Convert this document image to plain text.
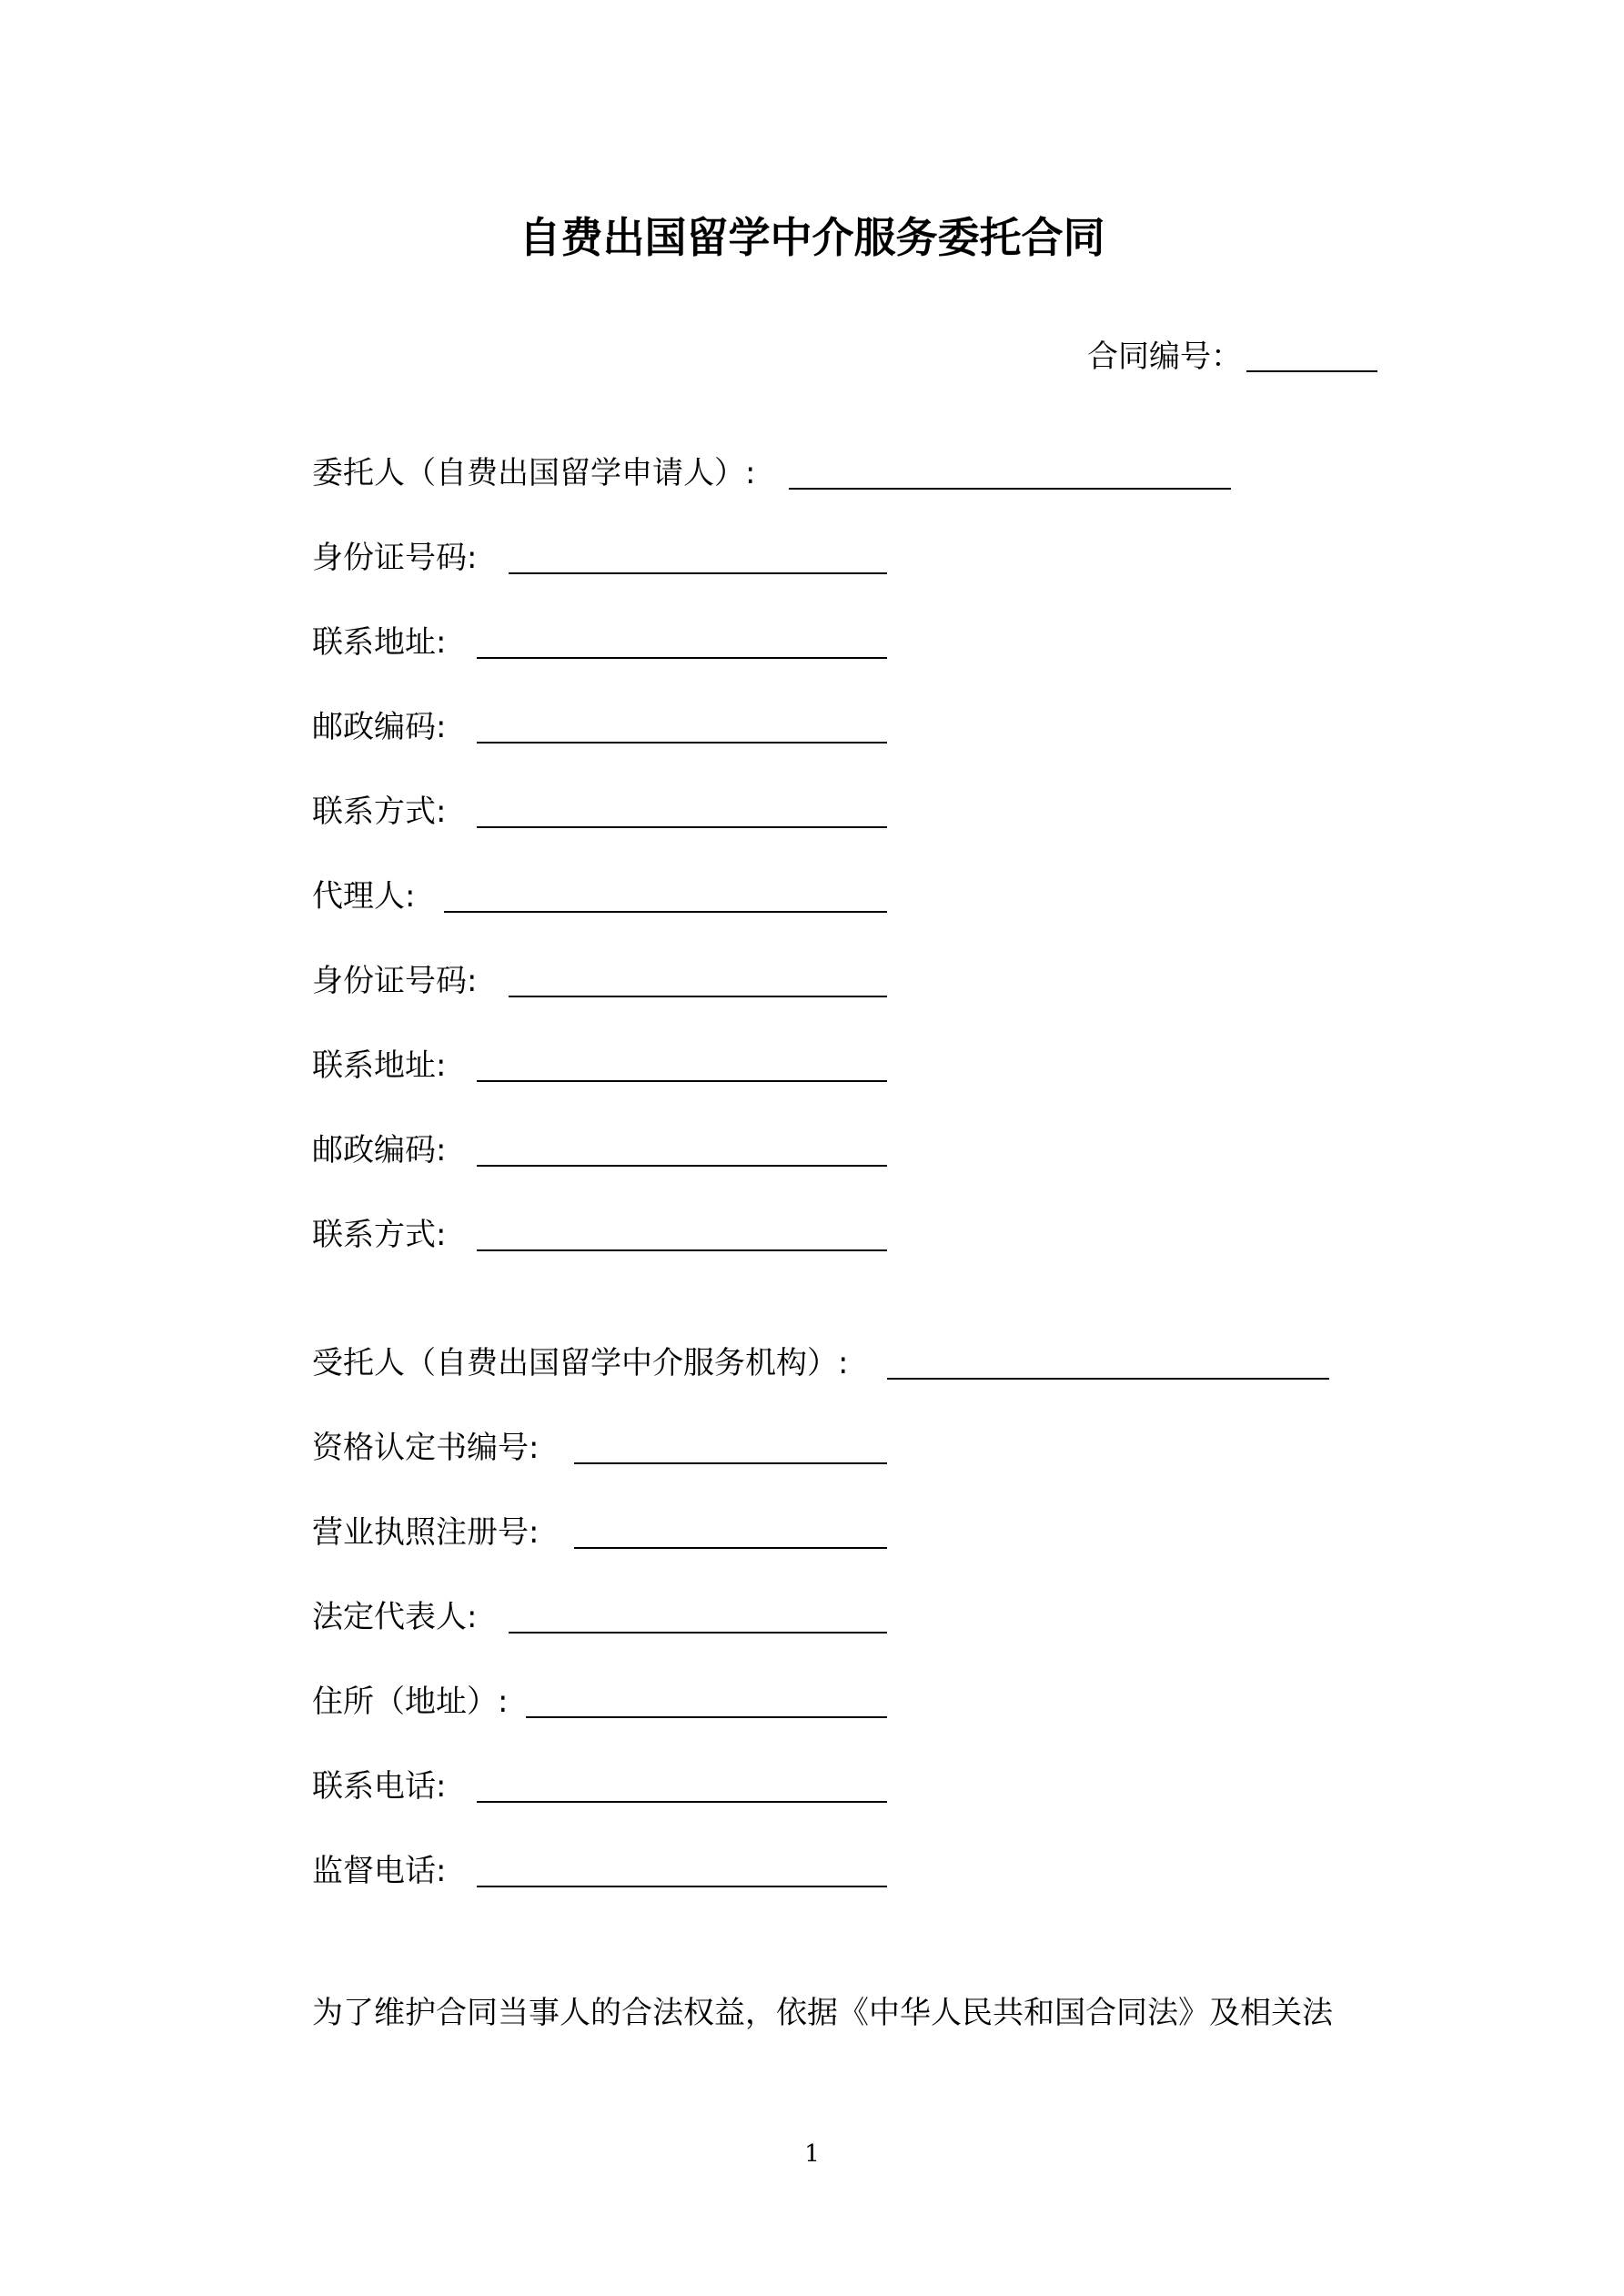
自费出国留学中介服务委托合同
合同编号：
委托人（自费出国留学申请人）:
身份证号码:
联系地址:
邮政编码:
联系方式:
代理人:
身份证号码:
联系地址:
邮政编码:
联系方式:
受托人（自费出国留学中介服务机构）:
资格认定书编号:
营业执照注册号:
法定代表人:
住所（地址）:
联系电话:
监督电话:
为了维护合同当事人的合法权益，依据《中华人民共和国合同法》及相关法
1
